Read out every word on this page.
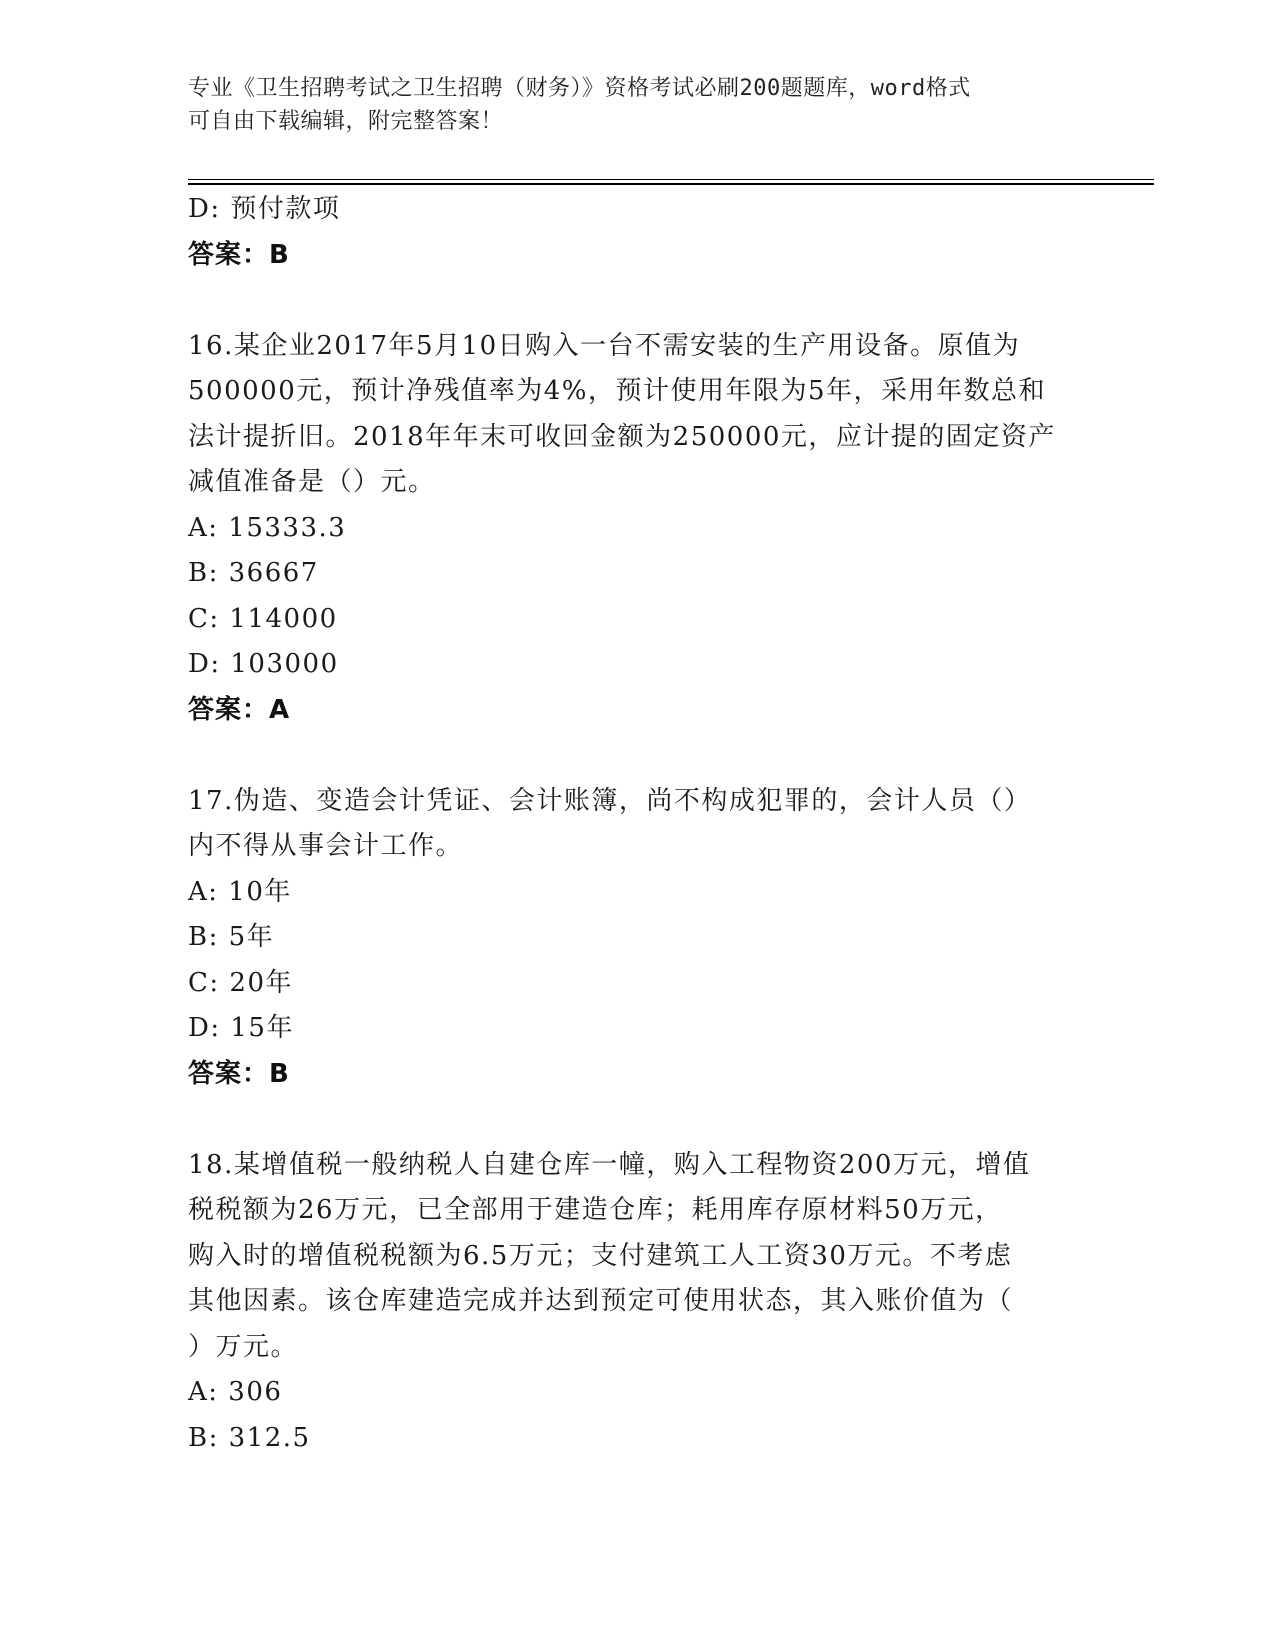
专业《卫生招聘考试之卫生招聘（财务）》资格考试必刷200题题库，word格式
可自由下载编辑，附完整答案！
D: 预付款项
答案：B
16.某企业2017年5月10日购入一台不需安装的生产用设备。原值为
500000元，预计净残值率为4%，预计使用年限为5年，采用年数总和
法计提折旧。2018年年末可收回金额为250000元，应计提的固定资产
减值准备是（）元。
A: 15333.3
B: 36667
C: 114000
D: 103000
答案：A
17.伪造、变造会计凭证、会计账簿，尚不构成犯罪的，会计人员（）
内不得从事会计工作。
A: 10年
B: 5年
C: 20年
D: 15年
答案：B
18.某增值税一般纳税人自建仓库一幢，购入工程物资200万元，增值
税税额为26万元，已全部用于建造仓库；耗用库存原材料50万元，
购入时的增值税税额为6.5万元；支付建筑工人工资30万元。不考虑
其他因素。该仓库建造完成并达到预定可使用状态，其入账价值为（
）万元。
A: 306
B: 312.5
